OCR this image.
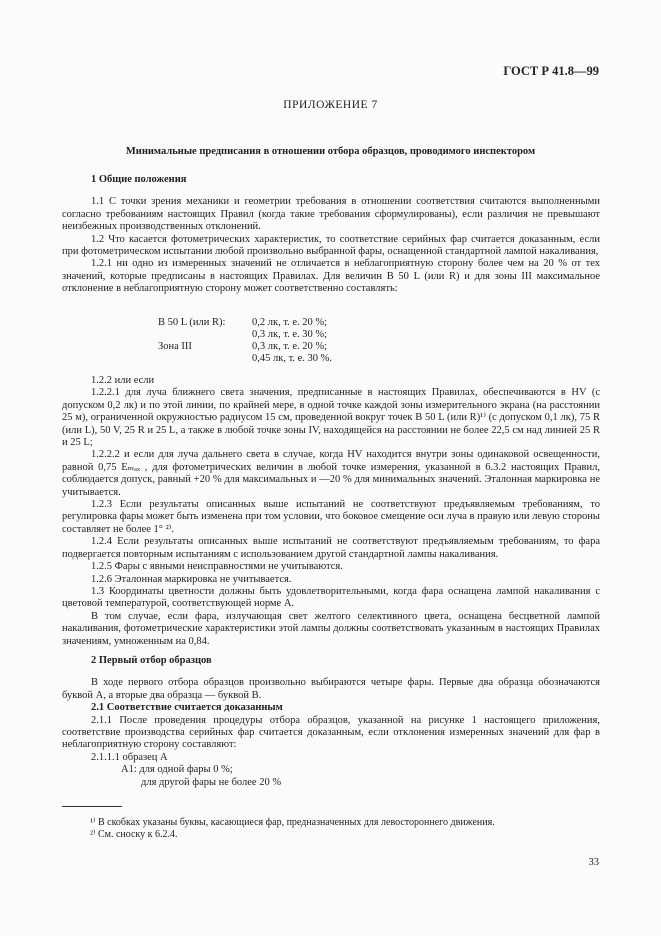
ГОСТ Р 41.8—99
ПРИЛОЖЕНИЕ 7
Минимальные предписания в отношении отбора образцов, проводимого инспектором

1 Общие положения

1.1 С точки зрения механики и геометрии требования в отношении соответствия считаются выполненными согласно требованиям настоящих Правил (когда такие требования сформулированы), если различия не превышают неизбежных производственных отклонений.

1.2 Что касается фотометрических характеристик, то соответствие серийных фар считается доказанным, если при фотометрическом испытании любой произвольно выбранной фары, оснащенной стандартной лампой накаливания,

1.2.1 ни одно из измеренных значений не отличается в неблагоприятную сторону более чем на 20 % от тех значений, которые предписаны в настоящих Правилах. Для величин В 50 L (или R) и для зоны III максимальное отклонение в неблагоприятную сторону может соответственно составлять:

B 50 L (или R):	0,2 лк, т. е. 20 %;
0,3 лк, т. е. 30 %;
Зона III	0,3 лк, т. е. 20 %;
0,45 лк, т. е. 30 %.

1.2.2 или если

1.2.2.1 для луча ближнего света значения, предписанные в настоящих Правилах, обеспечиваются в HV (с допуском 0,2 лк) и по этой линии, по крайней мере, в одной точке каждой зоны измерительного экрана (на расстоянии 25 м), ограниченной окружностью радиусом 15 см, проведенной вокруг точек B 50 L (или R)¹⁾ (с допуском 0,1 лк), 75 R (или L), 50 V, 25 R и 25 L, а также в любой точке зоны IV, находящейся на расстоянии не более 22,5 см над линией 25 R и 25 L;

1.2.2.2 и если для луча дальнего света в случае, когда HV находится внутри зоны одинаковой освещенности, равной 0,75 Eₘₐₓ , для фотометрических величин в любой точке измерения, указанной в 6.3.2 настоящих Правил, соблюдается допуск, равный +20 % для максимальных и —20 % для минимальных значений. Эталонная маркировка не учитывается.

1.2.3 Если результаты описанных выше испытаний не соответствуют предъявляемым требованиям, то регулировка фары может быть изменена при том условии, что боковое смещение оси луча в правую или левую стороны составляет не более 1° ²⁾.

1.2.4 Если результаты описанных выше испытаний не соответствуют предъявляемым требованиям, то фара подвергается повторным испытаниям с использованием другой стандартной лампы накаливания.

1.2.5 Фары с явными неисправностями не учитываются.

1.2.6 Эталонная маркировка не учитывается.

1.3 Координаты цветности должны быть удовлетворительными, когда фара оснащена лампой накаливания с цветовой температурой, соответствующей норме А.

В том случае, если фара, излучающая свет желтого селективного цвета, оснащена бесцветной лампой накаливания, фотометрические характеристики этой лампы должны соответствовать указанным в настоящих Правилах значениям, умноженным на 0,84.

2 Первый отбор образцов

В ходе первого отбора образцов произвольно выбираются четыре фары. Первые два образца обозначаются буквой А, а вторые два образца — буквой В.

2.1 Соответствие считается доказанным

2.1.1 После проведения процедуры отбора образцов, указанной на рисунке 1 настоящего приложения, соответствие производства серийных фар считается доказанным, если отклонения измеренных значений для фар в неблагоприятную сторону составляют:

2.1.1.1 образец А

А1: для одной фары 0 %;

для другой фары не более 20 %

¹⁾ В скобках указаны буквы, касающиеся фар, предназначенных для левостороннего движения.
²⁾ См. сноску к 6.2.4.
33
